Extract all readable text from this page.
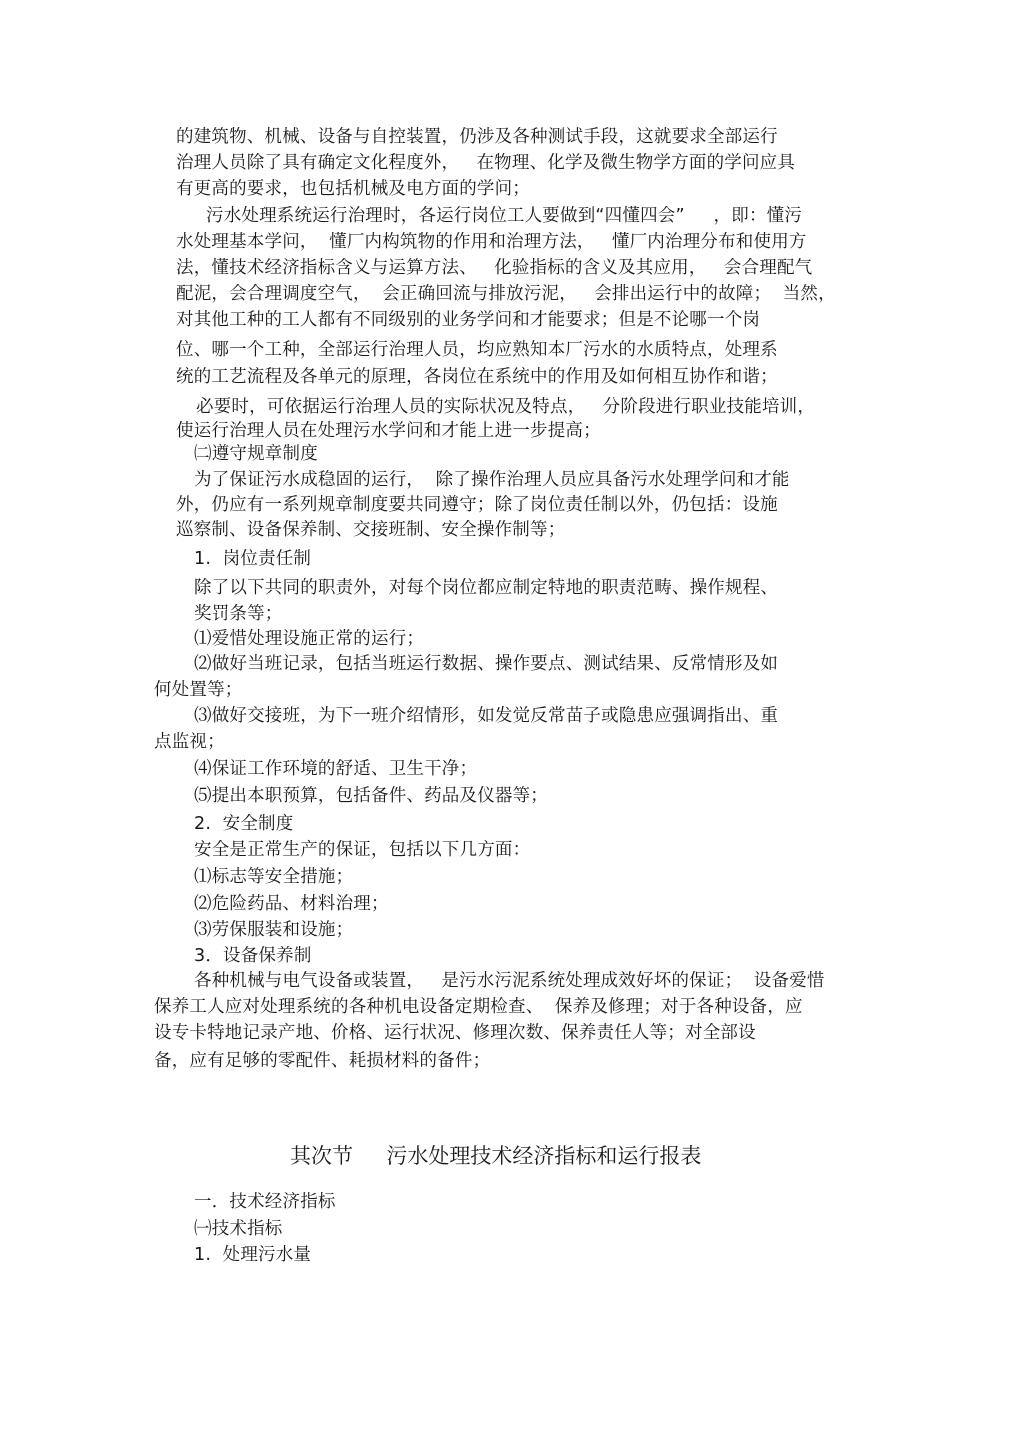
的建筑物、机械、设备与自控装置，仍涉及各种测试手段，这就要求全部运行
治理人员除了具有确定文化程度外，   在物理、化学及微生物学方面的学问应具
有更高的要求，也包括机械及电方面的学问；
污水处理系统运行治理时，各运行岗位工人要做到“四懂四会”     ，即：懂污
水处理基本学问，  懂厂内构筑物的作用和治理方法，   懂厂内治理分布和使用方
法，懂技术经济指标含义与运算方法、   化验指标的含义及其应用，   会合理配气
配泥，会合理调度空气，  会正确回流与排放污泥，   会排出运行中的故障；  当然，
对其他工种的工人都有不同级别的业务学问和才能要求；但是不论哪一个岗
位、哪一个工种，全部运行治理人员，均应熟知本厂污水的水质特点，处理系
统的工艺流程及各单元的原理，各岗位在系统中的作用及如何相互协作和谐；
必要时，可依据运行治理人员的实际状况及特点，   分阶段进行职业技能培训，
使运行治理人员在处理污水学问和才能上进一步提高；
㈡遵守规章制度
为了保证污水成稳固的运行，  除了操作治理人员应具备污水处理学问和才能
外，仍应有一系列规章制度要共同遵守；除了岗位责任制以外，仍包括：设施
巡察制、设备保养制、交接班制、安全操作制等；
1.  岗位责任制
除了以下共同的职责外，对每个岗位都应制定特地的职责范畴、操作规程、
奖罚条等；
⑴爱惜处理设施正常的运行；
⑵做好当班记录，包括当班运行数据、操作要点、测试结果、反常情形及如
何处置等；
⑶做好交接班，为下一班介绍情形，如发觉反常苗子或隐患应强调指出、重
点监视；
⑷保证工作环境的舒适、卫生干净；
⑸提出本职预算，包括备件、药品及仪器等；
2.  安全制度
安全是正常生产的保证，包括以下几方面：
⑴标志等安全措施；
⑵危险药品、材料治理；
⑶劳保服装和设施；
3．设备保养制
各种机械与电气设备或装置，   是污水污泥系统处理成效好坏的保证；  设备爱惜
保养工人应对处理系统的各种机电设备定期检查、  保养及修理；对于各种设备，应
设专卡特地记录产地、价格、运行状况、修理次数、保养责任人等；对全部设
备，应有足够的零配件、耗损材料的备件；
其次节     污水处理技术经济指标和运行报表
一．技术经济指标
㈠技术指标
1.  处理污水量
